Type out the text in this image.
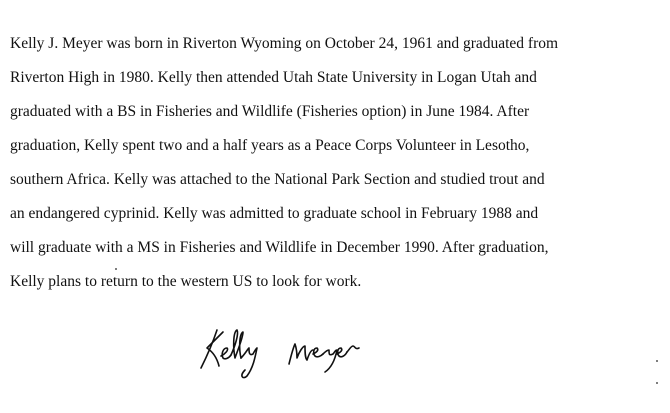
Kelly J. Meyer was born in Riverton Wyoming on October 24, 1961 and graduated from
Riverton High in 1980. Kelly then attended Utah State University in Logan Utah and
graduated with a BS in Fisheries and Wildlife (Fisheries option) in June 1984. After
graduation, Kelly spent two and a half years as a Peace Corps Volunteer in Lesotho,
southern Africa. Kelly was attached to the National Park Section and studied trout and
an endangered cyprinid. Kelly was admitted to graduate school in February 1988 and
will graduate with a MS in Fisheries and Wildlife in December 1990. After graduation,
Kelly plans to return to the western US to look for work.
